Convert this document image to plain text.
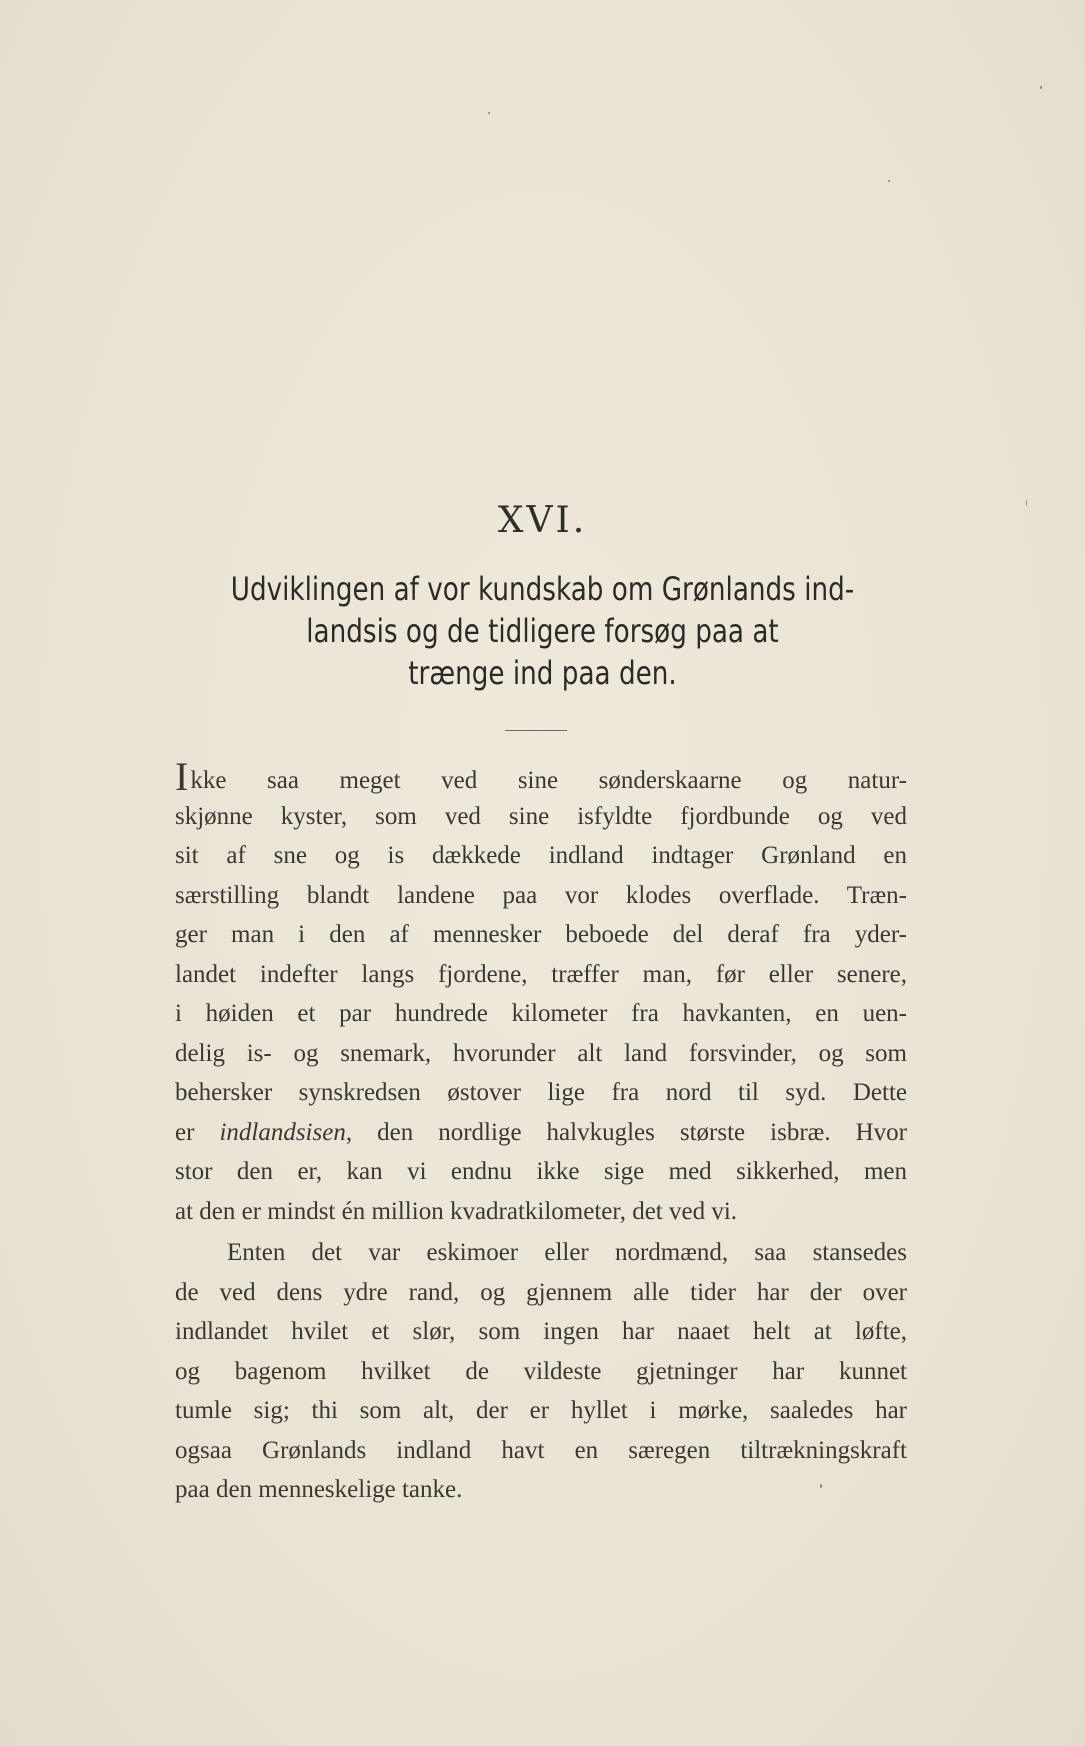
XVI.
Udviklingen af vor kundskab om Grønlands ind-
landsis og de tidligere forsøg paa at
trænge ind paa den.
Ikke saa meget ved sine sønderskaarne og natur-
skjønne kyster, som ved sine isfyldte fjordbunde og ved
sit af sne og is dækkede indland indtager Grønland en
særstilling blandt landene paa vor klodes overflade. Træn-
ger man i den af mennesker beboede del deraf fra yder-
landet indefter langs fjordene, træffer man, før eller senere,
i høiden et par hundrede kilometer fra havkanten, en uen-
delig is- og snemark, hvorunder alt land forsvinder, og som
behersker synskredsen østover lige fra nord til syd. Dette
er indlandsisen, den nordlige halvkugles største isbræ. Hvor
stor den er, kan vi endnu ikke sige med sikkerhed, men
at den er mindst én million kvadratkilometer, det ved vi.
Enten det var eskimoer eller nordmænd, saa stansedes
de ved dens ydre rand, og gjennem alle tider har der over
indlandet hvilet et slør, som ingen har naaet helt at løfte,
og bagenom hvilket de vildeste gjetninger har kunnet
tumle sig; thi som alt, der er hyllet i mørke, saaledes har
ogsaa Grønlands indland havt en særegen tiltrækningskraft
paa den menneskelige tanke.
